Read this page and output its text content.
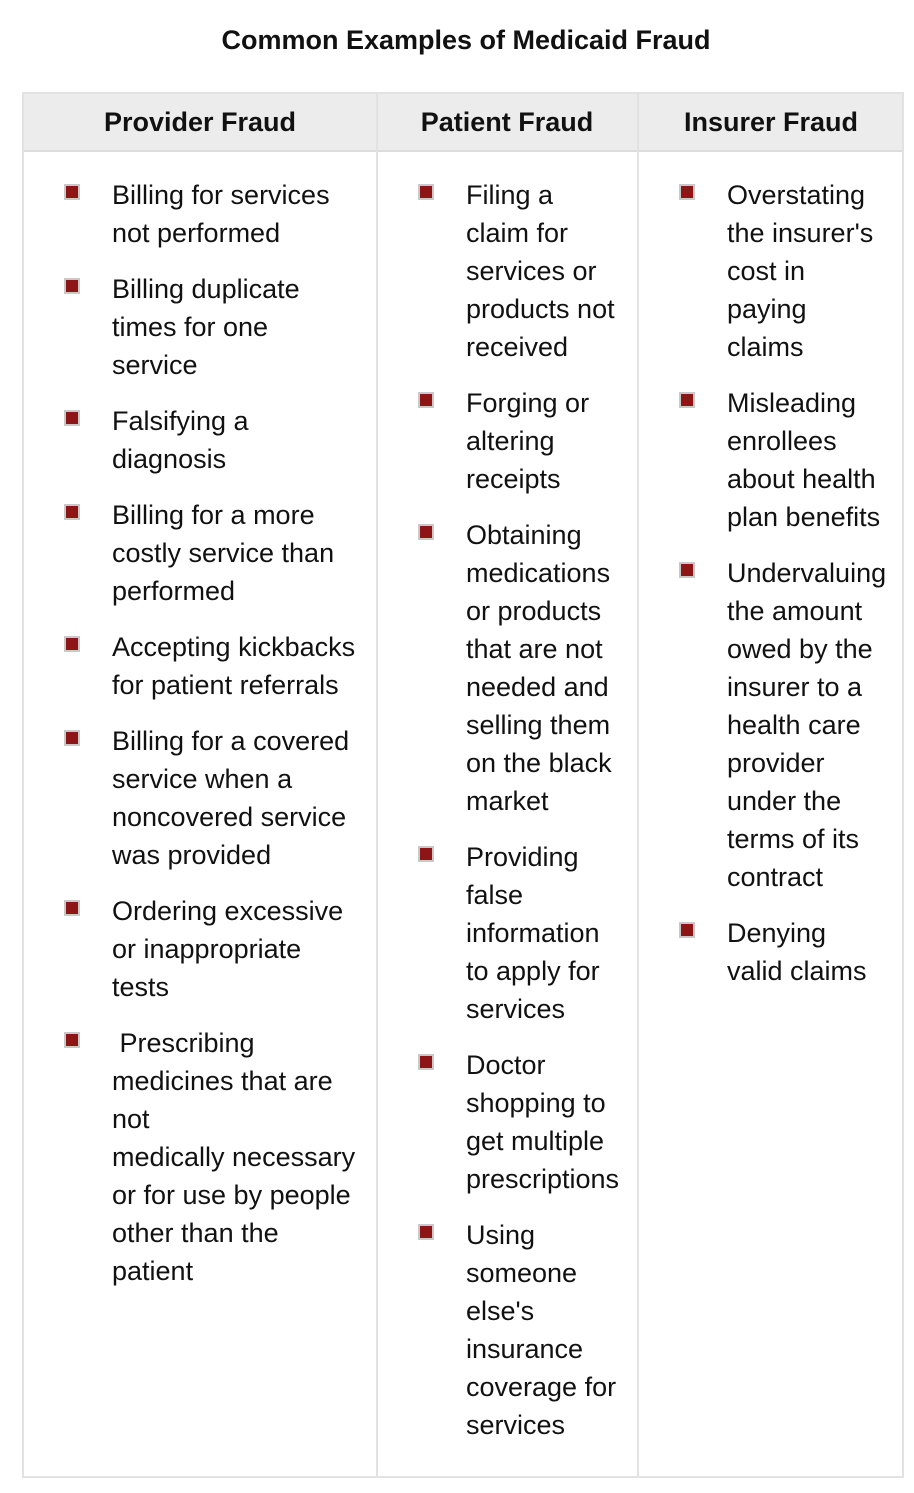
Common Examples of Medicaid Fraud
Provider Fraud	Patient Fraud	Insurer Fraud
Billing for services
not performed
Billing duplicate
times for one
service
Falsifying a
diagnosis
Billing for a more
costly service than
performed
Accepting kickbacks
for patient referrals
Billing for a covered
service when a
noncovered service
was provided
Ordering excessive
or inappropriate
tests
Prescribing
medicines that are
not
medically necessary
or for use by people
other than the
patient
Filing a
claim for
services or
products not
received
Forging or
altering
receipts
Obtaining
medications
or products
that are not
needed and
selling them
on the black
market
Providing
false
information
to apply for
services
Doctor
shopping to
get multiple
prescriptions
Using
someone
else's
insurance
coverage for
services
Overstating
the insurer's
cost in
paying
claims
Misleading
enrollees
about health
plan benefits
Undervaluing
the amount
owed by the
insurer to a
health care
provider
under the
terms of its
contract
Denying
valid claims
